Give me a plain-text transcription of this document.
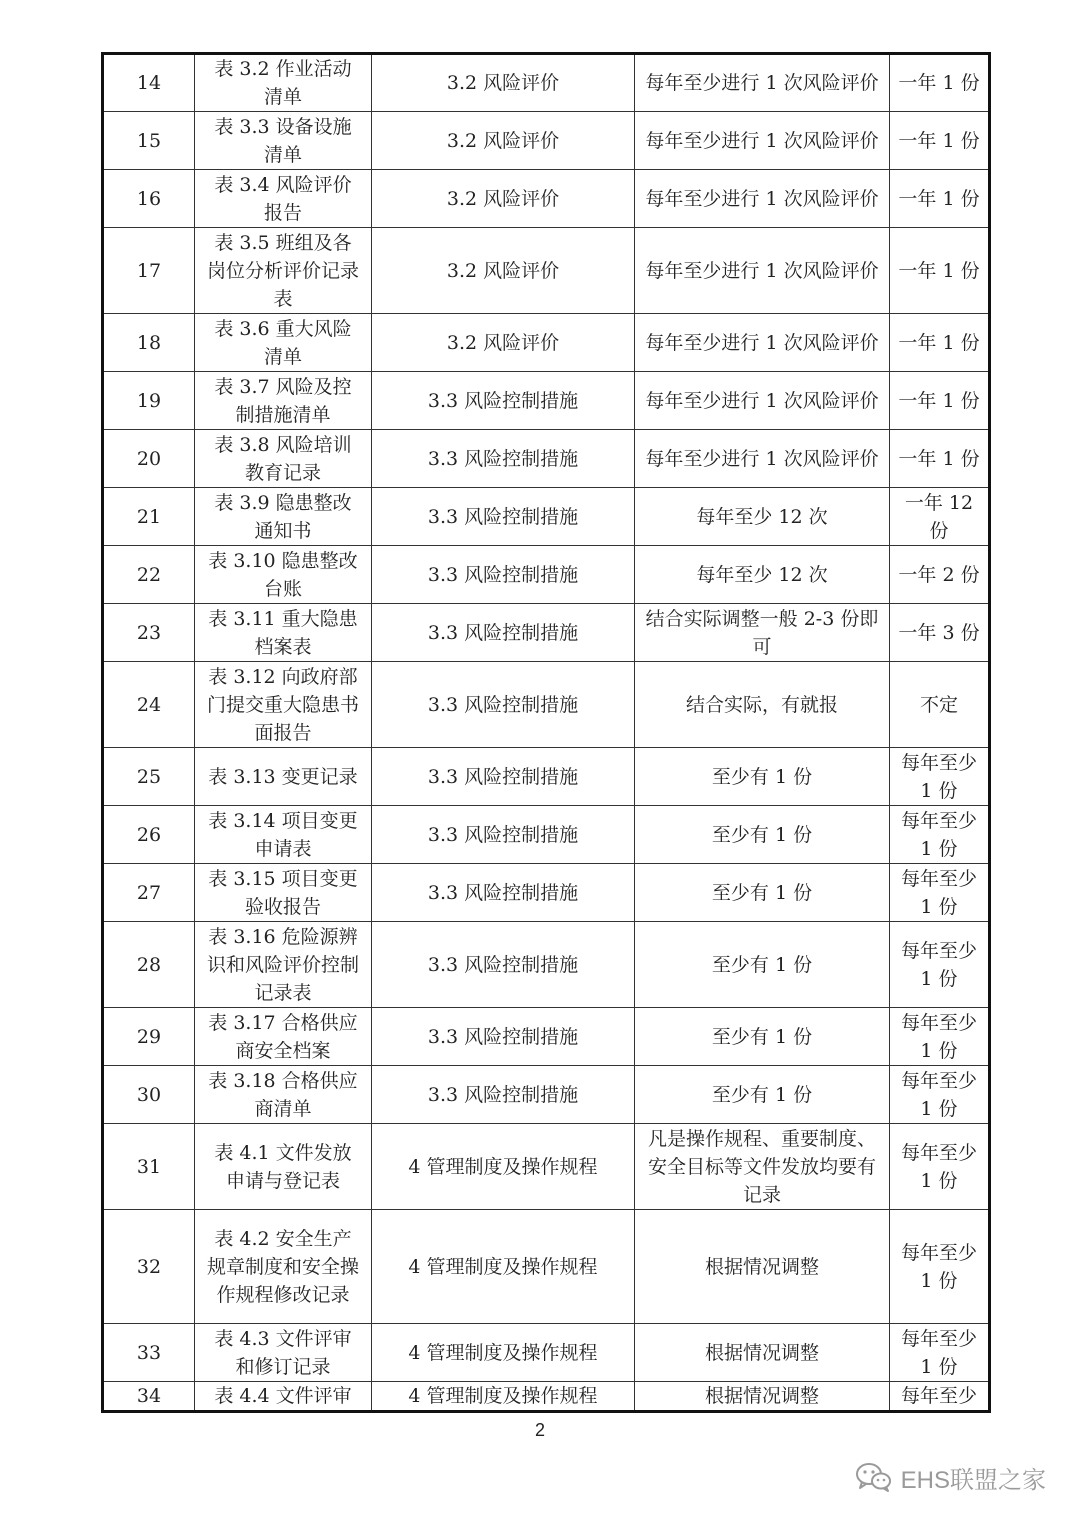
14	表 3.2 作业活动清单	3.2 风险评价	每年至少进行 1 次风险评价	一年 1 份
15	表 3.3 设备设施清单	3.2 风险评价	每年至少进行 1 次风险评价	一年 1 份
16	表 3.4 风险评价报告	3.2 风险评价	每年至少进行 1 次风险评价	一年 1 份
17	表 3.5 班组及各岗位分析评价记录表	3.2 风险评价	每年至少进行 1 次风险评价	一年 1 份
18	表 3.6 重大风险清单	3.2 风险评价	每年至少进行 1 次风险评价	一年 1 份
19	表 3.7 风险及控制措施清单	3.3 风险控制措施	每年至少进行 1 次风险评价	一年 1 份
20	表 3.8 风险培训教育记录	3.3 风险控制措施	每年至少进行 1 次风险评价	一年 1 份
21	表 3.9 隐患整改通知书	3.3 风险控制措施	每年至少 12 次	一年 12 份
22	表 3.10 隐患整改台账	3.3 风险控制措施	每年至少 12 次	一年 2 份
23	表 3.11 重大隐患档案表	3.3 风险控制措施	结合实际调整一般 2-3 份即可	一年 3 份
24	表 3.12 向政府部门提交重大隐患书面报告	3.3 风险控制措施	结合实际，有就报	不定
25	表 3.13 变更记录	3.3 风险控制措施	至少有 1 份	每年至少 1 份
26	表 3.14 项目变更申请表	3.3 风险控制措施	至少有 1 份	每年至少 1 份
27	表 3.15 项目变更验收报告	3.3 风险控制措施	至少有 1 份	每年至少 1 份
28	表 3.16 危险源辨识和风险评价控制记录表	3.3 风险控制措施	至少有 1 份	每年至少 1 份
29	表 3.17 合格供应商安全档案	3.3 风险控制措施	至少有 1 份	每年至少 1 份
30	表 3.18 合格供应商清单	3.3 风险控制措施	至少有 1 份	每年至少 1 份
31	表 4.1 文件发放申请与登记表	4 管理制度及操作规程	凡是操作规程、重要制度、安全目标等文件发放均要有记录	每年至少 1 份
32	表 4.2 安全生产规章制度和安全操作规程修改记录	4 管理制度及操作规程	根据情况调整	每年至少 1 份
33	表 4.3 文件评审和修订记录	4 管理制度及操作规程	根据情况调整	每年至少 1 份
34	表 4.4 文件评审	4 管理制度及操作规程	根据情况调整	每年至少
2
EHS联盟之家
